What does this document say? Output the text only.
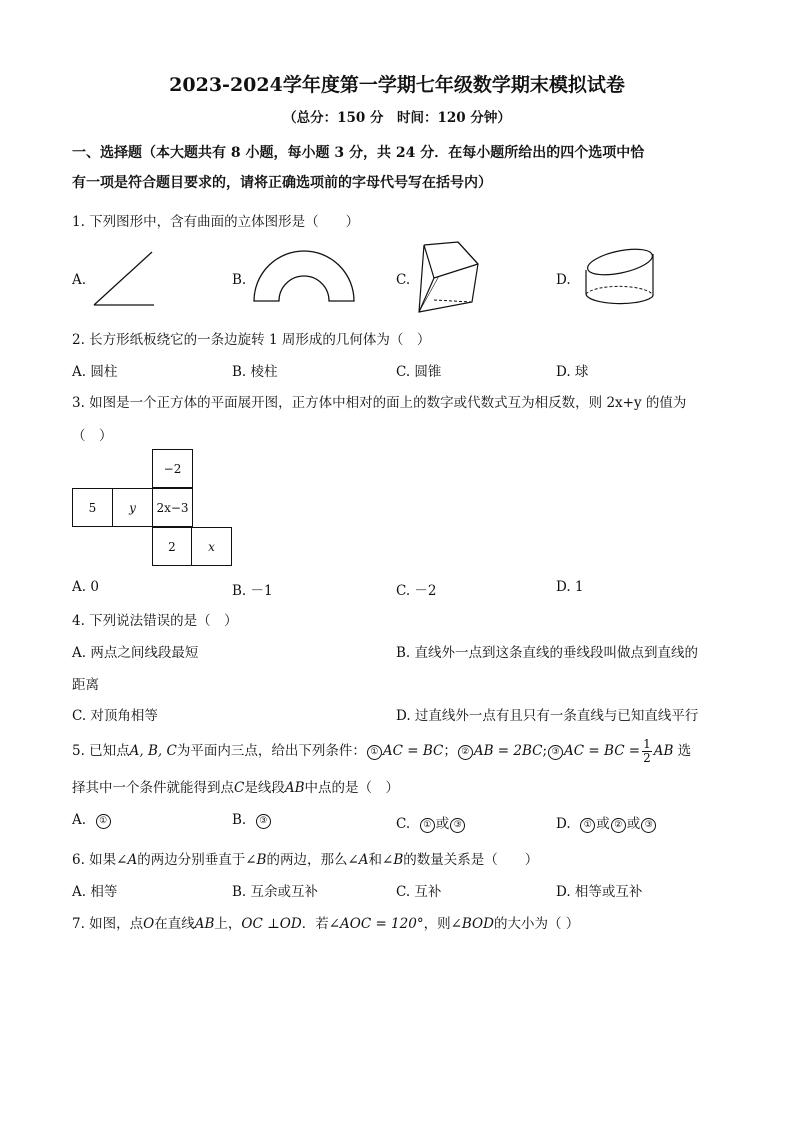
2023-2024学年度第一学期七年级数学期末模拟试卷
（总分：150 分　时间：120 分钟）
一、选择题（本大题共有 8 小题，每小题 3 分，共 24 分．在每小题所给出的四个选项中恰
有一项是符合题目要求的，请将正确选项前的字母代号写在括号内）
1. 下列图形中，含有曲面的立体图形是（　　）
A.	B.	C.	D.
2. 长方形纸板绕它的一条边旋转 1 周形成的几何体为（　）
A. 圆柱	B. 棱柱	C. 圆锥	D. 球
3. 如图是一个正方体的平面展开图，正方体中相对的面上的数字或代数式互为相反数，则 2x+y 的值为
（　）
−2
5	y	2x−3
2	x
A. 0	B. －1	C. －2	D. 1
4. 下列说法错误的是（　）
A. 两点之间线段最短	B. 直线外一点到这条直线的垂线段叫做点到直线的
距离
C. 对顶角相等	D. 过直线外一点有且只有一条直线与已知直线平行
5. 已知点A, B, C为平面内三点，给出下列条件： ① AC = BC； ② AB = 2BC; ③ AC = BC = $\frac{1}{2}$ AB 选
择其中一个条件就能得到点C是线段AB中点的是（　）
A. ①	B. ③	C. ① 或 ③	D. ① 或 ② 或 ③
6. 如果∠A的两边分别垂直于∠B的两边，那么∠A和∠B的数量关系是（　　）
A. 相等	B. 互余或互补	C. 互补	D. 相等或互补
7. 如图，点O在直线AB上，OC ⊥OD．若∠AOC = 120°，则∠BOD的大小为（ ）
